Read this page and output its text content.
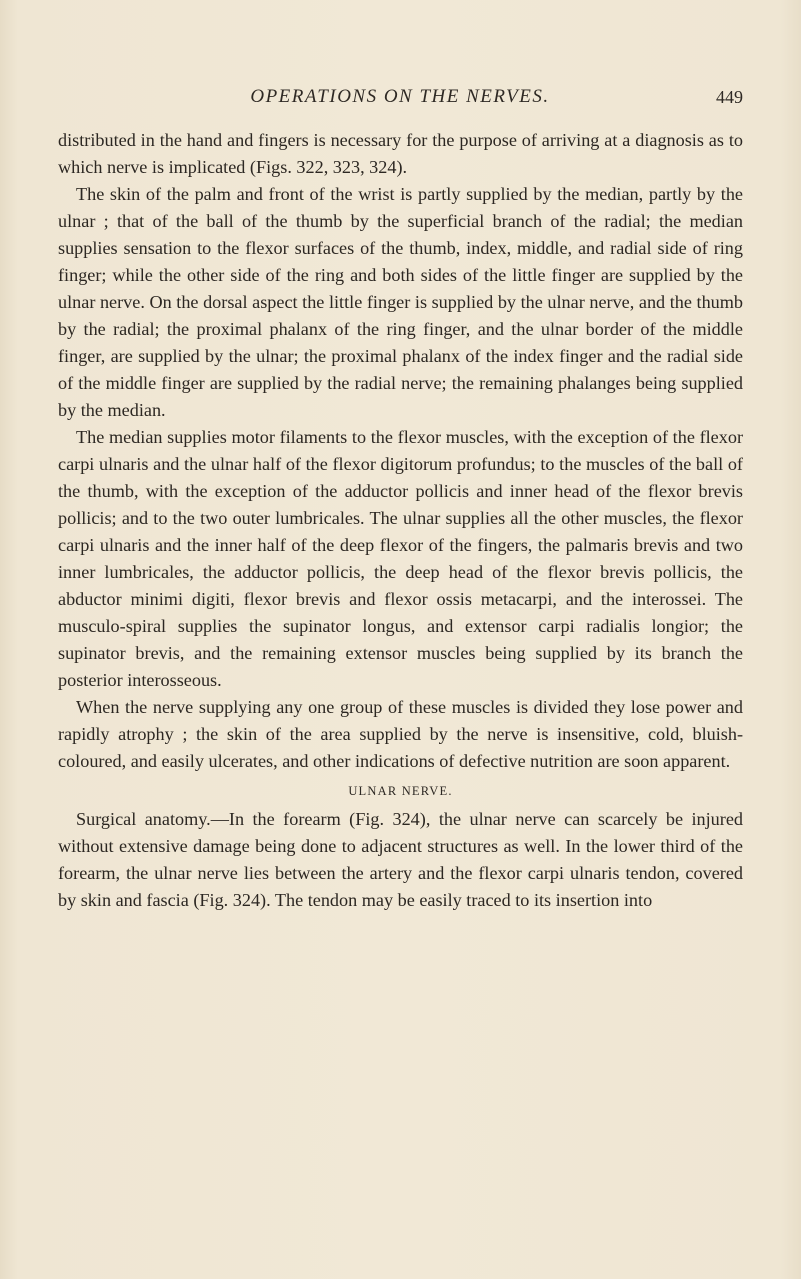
OPERATIONS ON THE NERVES.	449

distributed in the hand and fingers is necessary for the purpose of arriving at a diagnosis as to which nerve is implicated (Figs. 322, 323, 324).

The skin of the palm and front of the wrist is partly supplied by the median, partly by the ulnar ; that of the ball of the thumb by the superficial branch of the radial; the median supplies sensation to the flexor surfaces of the thumb, index, middle, and radial side of ring finger; while the other side of the ring and both sides of the little finger are supplied by the ulnar nerve. On the dorsal aspect the little finger is supplied by the ulnar nerve, and the thumb by the radial; the proximal phalanx of the ring finger, and the ulnar border of the middle finger, are supplied by the ulnar; the proximal phalanx of the index finger and the radial side of the middle finger are supplied by the radial nerve; the remaining phalanges being supplied by the median.

The median supplies motor filaments to the flexor muscles, with the exception of the flexor carpi ulnaris and the ulnar half of the flexor digitorum profundus; to the muscles of the ball of the thumb, with the exception of the adductor pollicis and inner head of the flexor brevis pollicis; and to the two outer lumbricales. The ulnar supplies all the other muscles, the flexor carpi ulnaris and the inner half of the deep flexor of the fingers, the palmaris brevis and two inner lumbricales, the adductor pollicis, the deep head of the flexor brevis pollicis, the abductor minimi digiti, flexor brevis and flexor ossis metacarpi, and the interossei. The musculo-spiral supplies the supinator longus, and extensor carpi radialis longior; the supinator brevis, and the remaining extensor muscles being supplied by its branch the posterior interosseous.

When the nerve supplying any one group of these muscles is divided they lose power and rapidly atrophy ; the skin of the area supplied by the nerve is insensitive, cold, bluish-coloured, and easily ulcerates, and other indications of defective nutrition are soon apparent.

ULNAR NERVE.

Surgical anatomy.—In the forearm (Fig. 324), the ulnar nerve can scarcely be injured without extensive damage being done to adjacent structures as well. In the lower third of the forearm, the ulnar nerve lies between the artery and the flexor carpi ulnaris tendon, covered by skin and fascia (Fig. 324). The tendon may be easily traced to its insertion into
